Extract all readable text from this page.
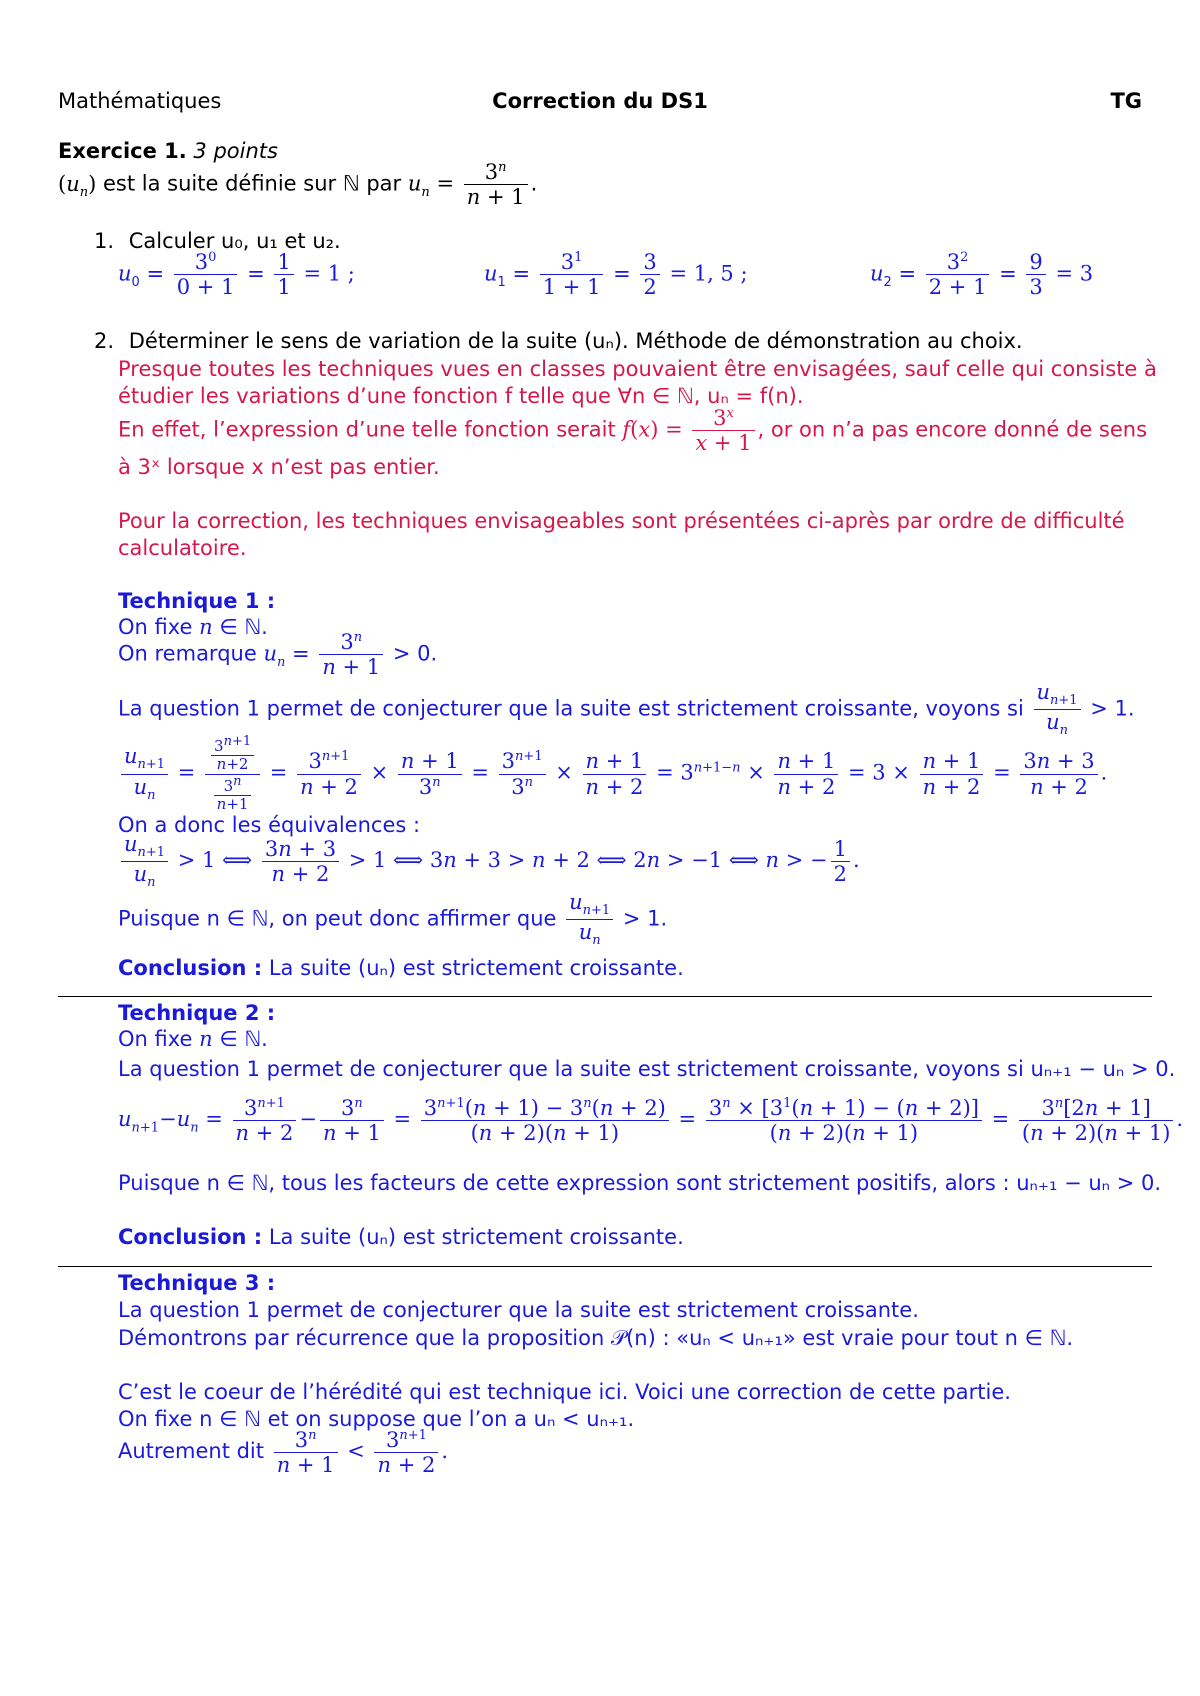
Mathématiques	Correction du DS1	TG
Exercice 1. 3 points
$(u_n)$ est la suite définie sur ℕ par $u_n = \frac{3^n}{n + 1}$ .
1. Calculer u₀, u₁ et u₂.
$u_0 = \frac{3^0}{0 + 1} = \frac{1}{1} = 1$ ;	$u_1 = \frac{3^1}{1 + 1} = \frac{3}{2} = 1$, 5 ;	$u_2 = \frac{3^2}{2 + 1} = \frac{9}{3} = 3$
2. Déterminer le sens de variation de la suite (uₙ). Méthode de démonstration au choix.
Presque toutes les techniques vues en classes pouvaient être envisagées, sauf celle qui consiste à
étudier les variations d’une fonction f telle que ∀n ∈ ℕ, uₙ = f(n).
En effet, l’expression d’une telle fonction serait $f(x) = \frac{3^x}{x + 1}$ , or on n’a pas encore donné de sens
à 3ˣ lorsque x n’est pas entier.
Pour la correction, les techniques envisageables sont présentées ci-après par ordre de difficulté
calculatoire.
Technique 1 :
On fixe n ∈ ℕ.
On remarque $u_n = \frac{3^n}{n + 1} > 0$.
La question 1 permet de conjecturer que la suite est strictement croissante, voyons si $\frac{u_{n+1}}{u_n} > 1$.
$\frac{u_{n+1}}{u_n} = \frac{\frac{3^{n+1}}{n+2}}{\frac{3^n}{n+1}} = \frac{3^{n+1}}{n + 2} \times \frac{n + 1}{3^n} = \frac{3^{n+1}}{3^n} \times \frac{n + 1}{n + 2} = 3^{n+1-n} \times \frac{n + 1}{n + 2} = 3 \times \frac{n + 1}{n + 2} = \frac{3n + 3}{n + 2}$ .
On a donc les équivalences :
$\frac{u_{n+1}}{u_n} > 1$ ⟺ $\frac{3n + 3}{n + 2} > 1$ ⟺ 3n + 3 > n + 2 ⟺ 2n > −1 ⟺ n > − $\frac{1}{2}$ .
Puisque n ∈ ℕ, on peut donc affirmer que $\frac{u_{n+1}}{u_n} > 1$.
Conclusion : La suite (uₙ) est strictement croissante.
Technique 2 :
On fixe n ∈ ℕ.
La question 1 permet de conjecturer que la suite est strictement croissante, voyons si uₙ₊₁ − uₙ > 0.
$u_{n+1}-u_n = \frac{3^{n+1}}{n + 2} - \frac{3^n}{n + 1} = \frac{3^{n+1}(n + 1) - 3^n(n + 2)}{(n + 2)(n + 1)} = \frac{3^n \times [3^1(n + 1) - (n + 2)]}{(n + 2)(n + 1)} = \frac{3^n[2n + 1]}{(n + 2)(n + 1)}$ .
Puisque n ∈ ℕ, tous les facteurs de cette expression sont strictement positifs, alors : uₙ₊₁ − uₙ > 0.
Conclusion : La suite (uₙ) est strictement croissante.
Technique 3 :
La question 1 permet de conjecturer que la suite est strictement croissante.
Démontrons par récurrence que la proposition 𝒫(n) : «uₙ < uₙ₊₁» est vraie pour tout n ∈ ℕ.
C’est le coeur de l’hérédité qui est technique ici. Voici une correction de cette partie.
On fixe n ∈ ℕ et on suppose que l’on a uₙ < uₙ₊₁.
Autrement dit $\frac{3^n}{n + 1} < \frac{3^{n+1}}{n + 2}$ .
